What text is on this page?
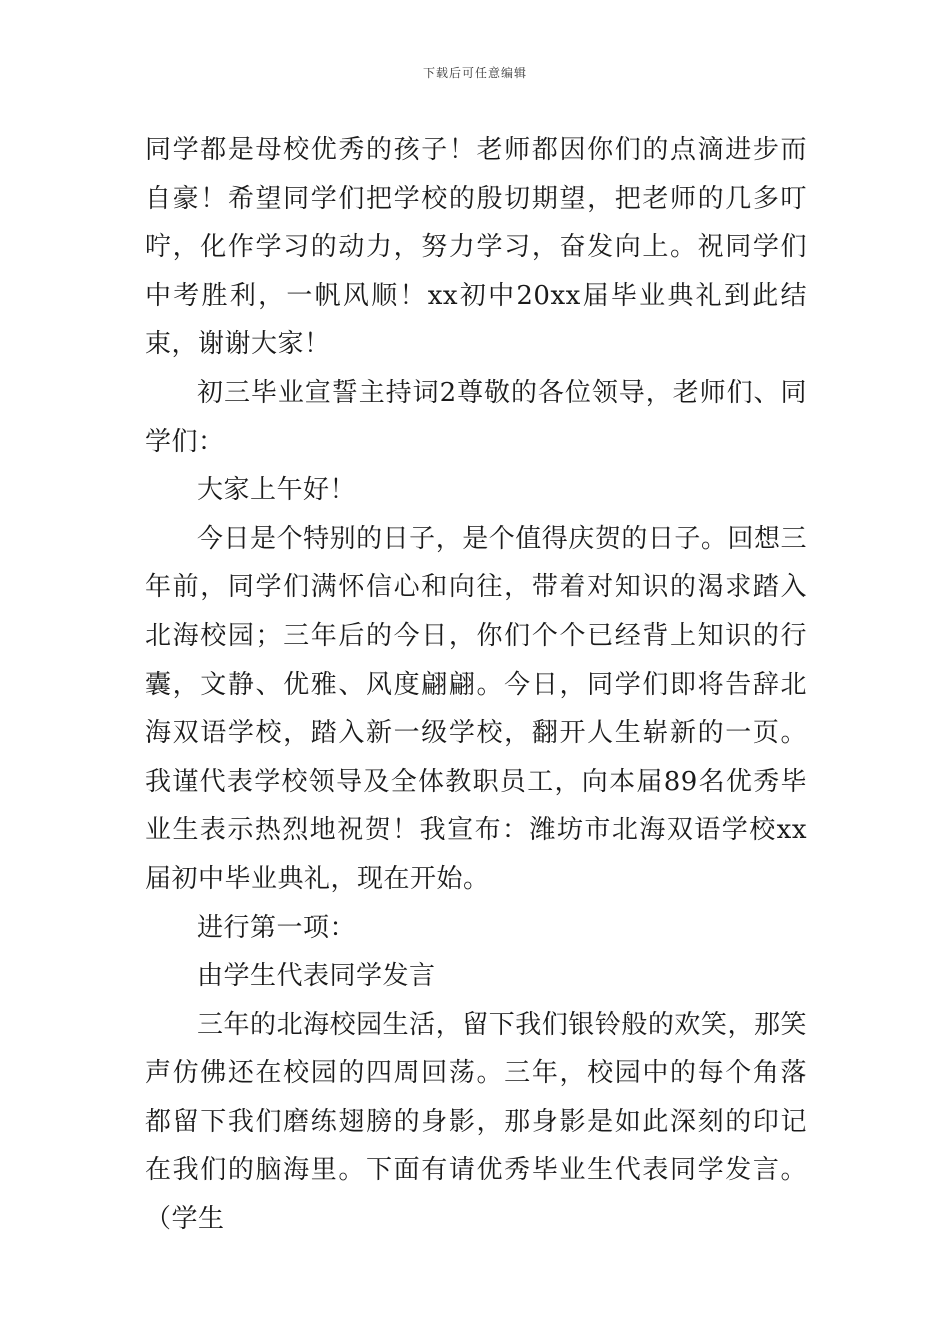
下载后可任意编辑

同学都是母校优秀的孩子！老师都因你们的点滴进步而自豪！希望同学们把学校的殷切期望，把老师的几多叮咛，化作学习的动力，努力学习，奋发向上。祝同学们中考胜利，一帆风顺！xx初中20xx届毕业典礼到此结束，谢谢大家！

初三毕业宣誓主持词2尊敬的各位领导，老师们、同学们：

大家上午好！

今日是个特别的日子，是个值得庆贺的日子。回想三年前，同学们满怀信心和向往，带着对知识的渴求踏入北海校园；三年后的今日，你们个个已经背上知识的行囊，文静、优雅、风度翩翩。今日，同学们即将告辞北海双语学校，踏入新一级学校，翻开人生崭新的一页。我谨代表学校领导及全体教职员工，向本届89名优秀毕业生表示热烈地祝贺！我宣布：潍坊市北海双语学校xx届初中毕业典礼，现在开始。

进行第一项：

由学生代表同学发言

三年的北海校园生活，留下我们银铃般的欢笑，那笑声仿佛还在校园的四周回荡。三年，校园中的每个角落都留下我们磨练翅膀的身影，那身影是如此深刻的印记在我们的脑海里。下面有请优秀毕业生代表同学发言。（学生
